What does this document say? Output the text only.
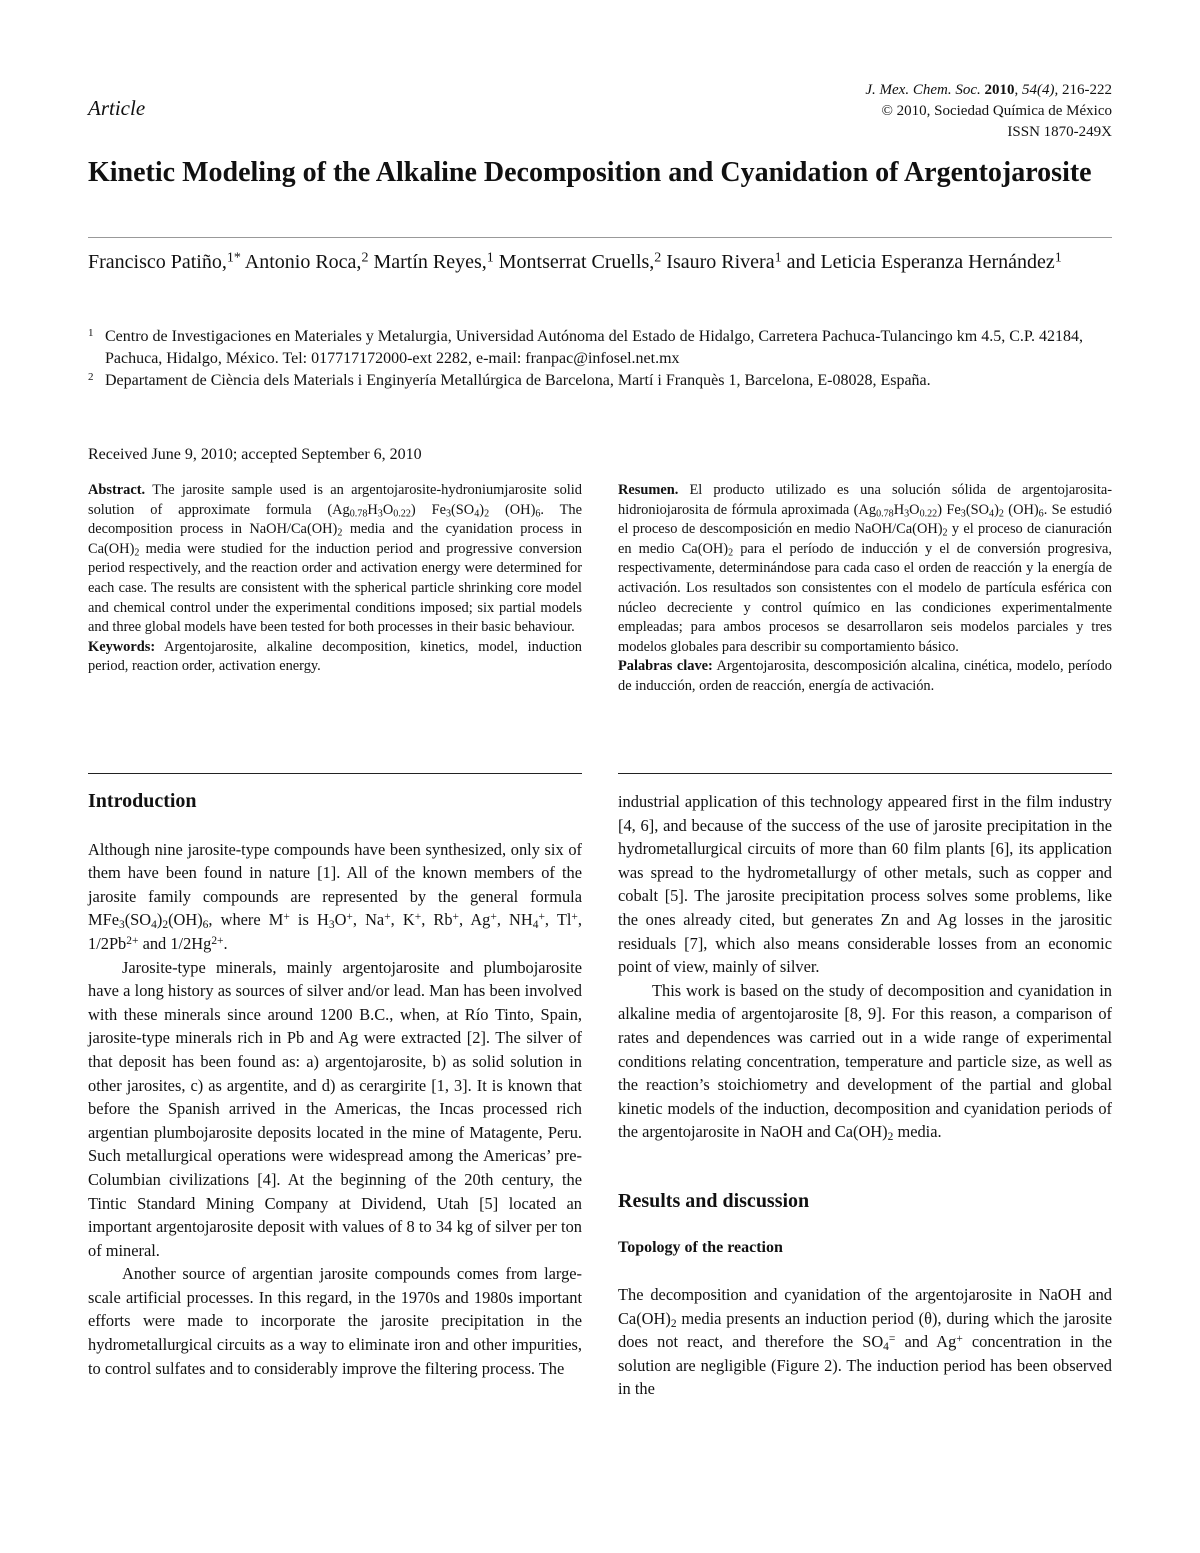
Article
J. Mex. Chem. Soc. 2010, 54(4), 216-222
© 2010, Sociedad Química de México
ISSN 1870-249X
Kinetic Modeling of the Alkaline Decomposition and Cyanidation of Argentojarosite
Francisco Patiño,$^{1*}$ Antonio Roca,$^2$ Martín Reyes,$^1$ Montserrat Cruells,$^2$ Isauro Rivera$^1$ and Leticia Esperanza Hernández$^1$
1 Centro de Investigaciones en Materiales y Metalurgia, Universidad Autónoma del Estado de Hidalgo, Carretera Pachuca-Tulancingo km 4.5, C.P. 42184, Pachuca, Hidalgo, México. Tel: 017717172000-ext 2282, e-mail: franpac@infosel.net.mx
2 Departament de Ciència dels Materials i Enginyería Metallúrgica de Barcelona, Martí i Franquès 1, Barcelona, E-08028, España.
Received June 9, 2010; accepted September 6, 2010

Abstract. The jarosite sample used is an argentojarosite-hydroniumjarosite solid solution of approximate formula $(Ag_{0.78}H_3O_{0.22})$ $Fe_3(SO_4)_2$ $(OH)_6$. The decomposition process in NaOH/$Ca(OH)_2$ media and the cyanidation process in $Ca(OH)_2$ media were studied for the induction period and progressive conversion period respectively, and the reaction order and activation energy were determined for each case. The results are consistent with the spherical particle shrinking core model and chemical control under the experimental conditions imposed; six partial models and three global models have been tested for both processes in their basic behaviour.

Keywords: Argentojarosite, alkaline decomposition, kinetics, model, induction period, reaction order, activation energy.

Resumen. El producto utilizado es una solución sólida de argentojarosita-hidroniojarosita de fórmula aproximada $(Ag_{0.78}H_3O_{0.22})$ $Fe_3(SO_4)_2$ $(OH)_6$. Se estudió el proceso de descomposición en medio NaOH/$Ca(OH)_2$ y el proceso de cianuración en medio $Ca(OH)_2$ para el período de inducción y el de conversión progresiva, respectivamente, determinándose para cada caso el orden de reacción y la energía de activación. Los resultados son consistentes con el modelo de partícula esférica con núcleo decreciente y control químico en las condiciones experimentalmente empleadas; para ambos procesos se desarrollaron seis modelos parciales y tres modelos globales para describir su comportamiento básico.

Palabras clave: Argentojarosita, descomposición alcalina, cinética, modelo, período de inducción, orden de reacción, energía de activación.

Introduction

Although nine jarosite-type compounds have been synthesized, only six of them have been found in nature [1]. All of the known members of the jarosite family compounds are represented by the general formula $MFe_3(SO_4)_2(OH)_6$, where M+ is $H_3O^+$, Na+, K+, Rb+, Ag+, $NH_4^+$, Tl+, $1/2Pb^{2+}$ and $1/2Hg^{2+}$.

Jarosite-type minerals, mainly argentojarosite and plumbojarosite have a long history as sources of silver and/or lead. Man has been involved with these minerals since around 1200 B.C., when, at Río Tinto, Spain, jarosite-type minerals rich in Pb and Ag were extracted [2]. The silver of that deposit has been found as: a) argentojarosite, b) as solid solution in other jarosites, c) as argentite, and d) as cerargirite [1, 3]. It is known that before the Spanish arrived in the Americas, the Incas processed rich argentian plumbojarosite deposits located in the mine of Matagente, Peru. Such metallurgical operations were widespread among the Americas’ pre-Columbian civilizations [4]. At the beginning of the 20th century, the Tintic Standard Mining Company at Dividend, Utah [5] located an important argentojarosite deposit with values of 8 to 34 kg of silver per ton of mineral.

Another source of argentian jarosite compounds comes from large-scale artificial processes. In this regard, in the 1970s and 1980s important efforts were made to incorporate the jarosite precipitation in the hydrometallurgical circuits as a way to eliminate iron and other impurities, to control sulfates and to considerably improve the filtering process. The

industrial application of this technology appeared first in the film industry [4, 6], and because of the success of the use of jarosite precipitation in the hydrometallurgical circuits of more than 60 film plants [6], its application was spread to the hydrometallurgy of other metals, such as copper and cobalt [5]. The jarosite precipitation process solves some problems, like the ones already cited, but generates Zn and Ag losses in the jarositic residuals [7], which also means considerable losses from an economic point of view, mainly of silver.

This work is based on the study of decomposition and cyanidation in alkaline media of argentojarosite [8, 9]. For this reason, a comparison of rates and dependences was carried out in a wide range of experimental conditions relating concentration, temperature and particle size, as well as the reaction’s stoichiometry and development of the partial and global kinetic models of the induction, decomposition and cyanidation periods of the argentojarosite in NaOH and $Ca(OH)_2$ media.

Results and discussion

Topology of the reaction

The decomposition and cyanidation of the argentojarosite in NaOH and $Ca(OH)_2$ media presents an induction period (θ), during which the jarosite does not react, and therefore the $SO_4^=$ and Ag+ concentration in the solution are negligible (Figure 2). The induction period has been observed in the
